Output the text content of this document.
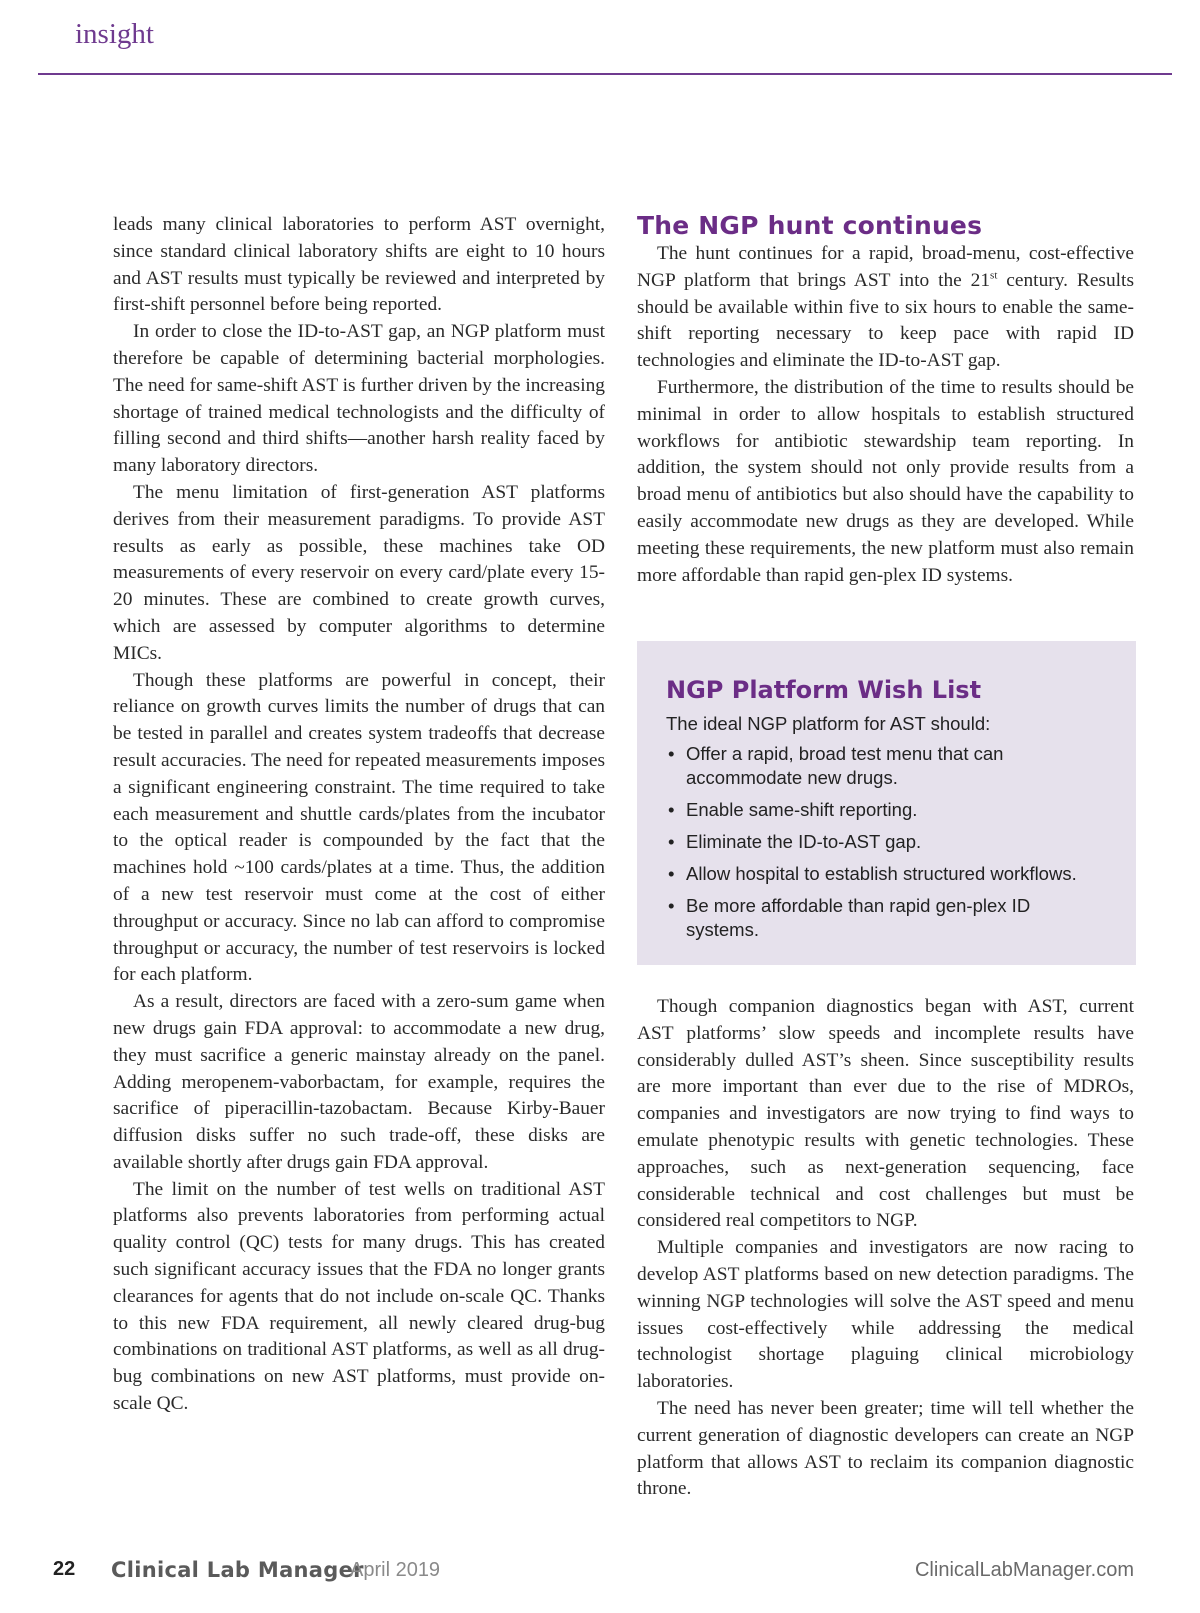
insight

leads many clinical laboratories to perform AST overnight, since standard clinical laboratory shifts are eight to 10 hours and AST results must typically be reviewed and interpreted by first-shift personnel before being reported.

In order to close the ID-to-AST gap, an NGP platform must therefore be capable of determining bacterial morphologies. The need for same-shift AST is further driven by the increasing shortage of trained medical technologists and the difficulty of filling second and third shifts—another harsh reality faced by many laboratory directors.

The menu limitation of first-generation AST platforms derives from their measurement paradigms. To provide AST results as early as possible, these machines take OD measurements of every reservoir on every card/plate every 15-20 minutes. These are combined to create growth curves, which are assessed by computer algorithms to determine MICs.

Though these platforms are powerful in concept, their reliance on growth curves limits the number of drugs that can be tested in parallel and creates system tradeoffs that decrease result accuracies. The need for repeated measurements imposes a significant engineering constraint. The time required to take each measurement and shuttle cards/plates from the incubator to the optical reader is compounded by the fact that the machines hold ~100 cards/plates at a time. Thus, the addition of a new test reservoir must come at the cost of either throughput or accuracy. Since no lab can afford to compromise throughput or accuracy, the number of test reservoirs is locked for each platform.

As a result, directors are faced with a zero-sum game when new drugs gain FDA approval: to accommodate a new drug, they must sacrifice a generic mainstay already on the panel. Adding meropenem-vaborbactam, for example, requires the sacrifice of piperacillin-tazobactam. Because Kirby-Bauer diffusion disks suffer no such trade-off, these disks are available shortly after drugs gain FDA approval.

The limit on the number of test wells on traditional AST platforms also prevents laboratories from performing actual quality control (QC) tests for many drugs. This has created such significant accuracy issues that the FDA no longer grants clearances for agents that do not include on-scale QC. Thanks to this new FDA requirement, all newly cleared drug-bug combinations on traditional AST platforms, as well as all drug-bug combinations on new AST platforms, must provide on-scale QC.

The NGP hunt continues

The hunt continues for a rapid, broad-menu, cost-effective NGP platform that brings AST into the 21st century. Results should be available within five to six hours to enable the same-shift reporting necessary to keep pace with rapid ID technologies and eliminate the ID-to-AST gap.

Furthermore, the distribution of the time to results should be minimal in order to allow hospitals to establish structured workflows for antibiotic stewardship team reporting. In addition, the system should not only provide results from a broad menu of antibiotics but also should have the capability to easily accommodate new drugs as they are developed. While meeting these requirements, the new platform must also remain more affordable than rapid gen-plex ID systems.

NGP Platform Wish List
The ideal NGP platform for AST should:
• Offer a rapid, broad test menu that can accommodate new drugs.
• Enable same-shift reporting.
• Eliminate the ID-to-AST gap.
• Allow hospital to establish structured workflows.
• Be more affordable than rapid gen-plex ID systems.

Though companion diagnostics began with AST, current AST platforms’ slow speeds and incomplete results have considerably dulled AST’s sheen. Since susceptibility results are more important than ever due to the rise of MDROs, companies and investigators are now trying to find ways to emulate phenotypic results with genetic technologies. These approaches, such as next-generation sequencing, face considerable technical and cost challenges but must be considered real competitors to NGP.

Multiple companies and investigators are now racing to develop AST platforms based on new detection paradigms. The winning NGP technologies will solve the AST speed and menu issues cost-effectively while addressing the medical technologist shortage plaguing clinical microbiology laboratories.

The need has never been greater; time will tell whether the current generation of diagnostic developers can create an NGP platform that allows AST to reclaim its companion diagnostic throne.

22 Clinical Lab Manager
April 2019	ClinicalLabManager.com
